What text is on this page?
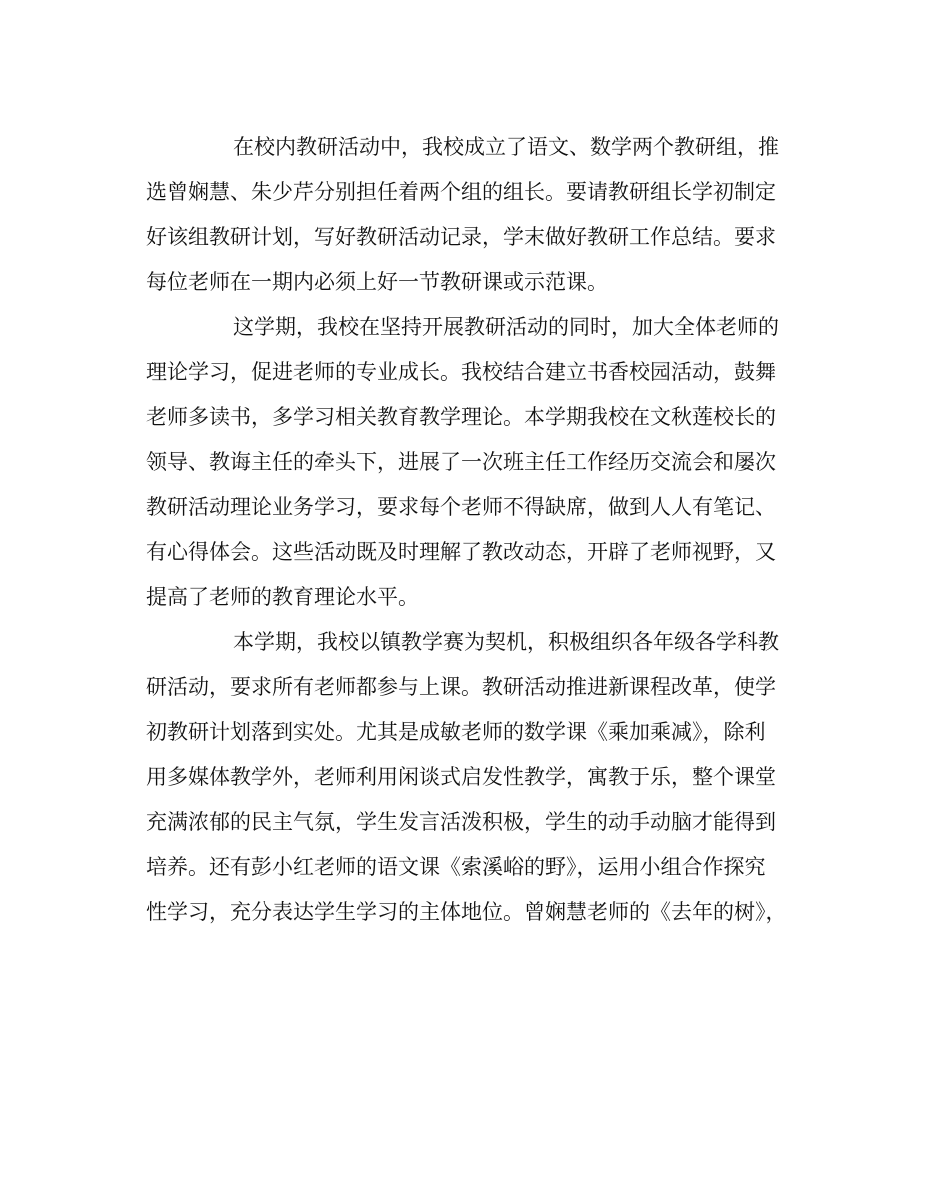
在校内教研活动中，我校成立了语文、数学两个教研组，推
选曾娴慧、朱少芹分别担任着两个组的组长。要请教研组长学初制定
好该组教研计划，写好教研活动记录，学末做好教研工作总结。要求
每位老师在一期内必须上好一节教研课或示范课。
这学期，我校在坚持开展教研活动的同时，加大全体老师的
理论学习，促进老师的专业成长。我校结合建立书香校园活动，鼓舞
老师多读书，多学习相关教育教学理论。本学期我校在文秋莲校长的
领导、教诲主任的牵头下，进展了一次班主任工作经历交流会和屡次
教研活动理论业务学习，要求每个老师不得缺席，做到人人有笔记、
有心得体会。这些活动既及时理解了教改动态，开辟了老师视野，又
提高了老师的教育理论水平。
本学期，我校以镇教学赛为契机，积极组织各年级各学科教
研活动，要求所有老师都参与上课。教研活动推进新课程改革，使学
初教研计划落到实处。尤其是成敏老师的数学课《乘加乘减》，除利
用多媒体教学外，老师利用闲谈式启发性教学，寓教于乐，整个课堂
充满浓郁的民主气氛，学生发言活泼积极，学生的动手动脑才能得到
培养。还有彭小红老师的语文课《索溪峪的野》，运用小组合作探究
性学习，充分表达学生学习的主体地位。曾娴慧老师的《去年的树》，
